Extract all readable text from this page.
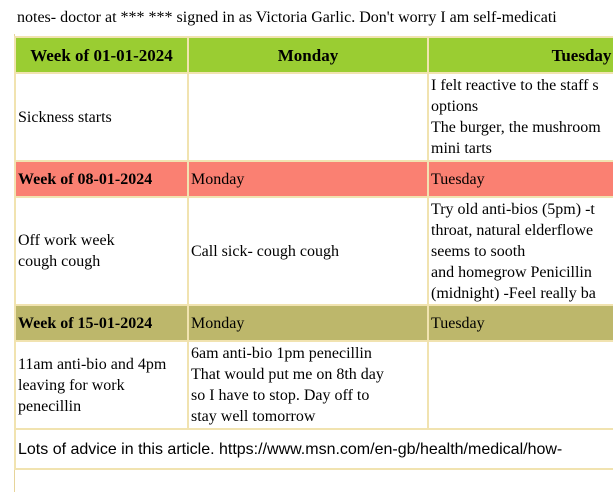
notes- doctor at *** *** signed in as Victoria Garlic. Don't worry I am self-medicati
Week of 01-01-2024	Monday	Tuesday

Sickness starts		I felt reactive to the staff s
options
The burger, the mushroom
mini tarts

Week of 08-01-2024	Monday	Tuesday

Off work week
cough cough	Call sick- cough cough	Try old anti-bios (5pm) -t
throat, natural elderflowe
seems to sooth
and homegrow Penicillin
(midnight) -Feel really ba

Week of 15-01-2024	Monday	Tuesday

11am anti-bio and 4pm
leaving for work
penecillin	6am anti-bio 1pm penecillin
That would put me on 8th day
so I have to stop. Day off to
stay well tomorrow	

Lots of advice in this article. https://www.msn.com/en-gb/health/medical/how-		
